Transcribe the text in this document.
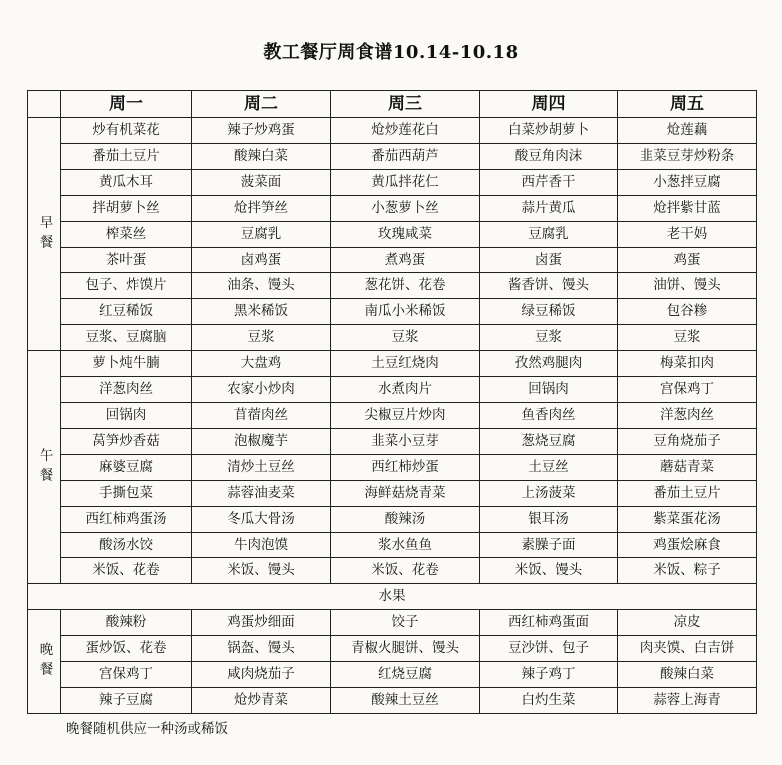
教工餐厅周食谱10.14-10.18
	周一	周二	周三	周四	周五
早餐	炒有机菜花	辣子炒鸡蛋	炝炒莲花白	白菜炒胡萝卜	炝莲藕
	番茄土豆片	酸辣白菜	番茄西葫芦	酸豆角肉沫	韭菜豆芽炒粉条
	黄瓜木耳	菠菜面	黄瓜拌花仁	西芹香干	小葱拌豆腐
	拌胡萝卜丝	炝拌笋丝	小葱萝卜丝	蒜片黄瓜	炝拌紫甘蓝
	榨菜丝	豆腐乳	玫瑰咸菜	豆腐乳	老干妈
	茶叶蛋	卤鸡蛋	煮鸡蛋	卤蛋	鸡蛋
	包子、炸馍片	油条、馒头	葱花饼、花卷	酱香饼、馒头	油饼、馒头
	红豆稀饭	黑米稀饭	南瓜小米稀饭	绿豆稀饭	包谷糁
	豆浆、豆腐脑	豆浆	豆浆	豆浆	豆浆
午餐	萝卜炖牛腩	大盘鸡	土豆红烧肉	孜然鸡腿肉	梅菜扣肉
	洋葱肉丝	农家小炒肉	水煮肉片	回锅肉	宫保鸡丁
	回锅肉	苜蓿肉丝	尖椒豆片炒肉	鱼香肉丝	洋葱肉丝
	莴笋炒香菇	泡椒魔芋	韭菜小豆芽	葱烧豆腐	豆角烧茄子
	麻婆豆腐	清炒土豆丝	西红柿炒蛋	土豆丝	蘑菇青菜
	手撕包菜	蒜蓉油麦菜	海鲜菇烧青菜	上汤菠菜	番茄土豆片
	西红柿鸡蛋汤	冬瓜大骨汤	酸辣汤	银耳汤	紫菜蛋花汤
	酸汤水饺	牛肉泡馍	浆水鱼鱼	素臊子面	鸡蛋烩麻食
	米饭、花卷	米饭、馒头	米饭、花卷	米饭、馒头	米饭、粽子
水果					
晚餐	酸辣粉	鸡蛋炒细面	饺子	西红柿鸡蛋面	凉皮
	蛋炒饭、花卷	锅盔、馒头	青椒火腿饼、馒头	豆沙饼、包子	肉夹馍、白吉饼
	宫保鸡丁	咸肉烧茄子	红烧豆腐	辣子鸡丁	酸辣白菜
	辣子豆腐	炝炒青菜	酸辣土豆丝	白灼生菜	蒜蓉上海青
晚餐随机供应一种汤或稀饭
